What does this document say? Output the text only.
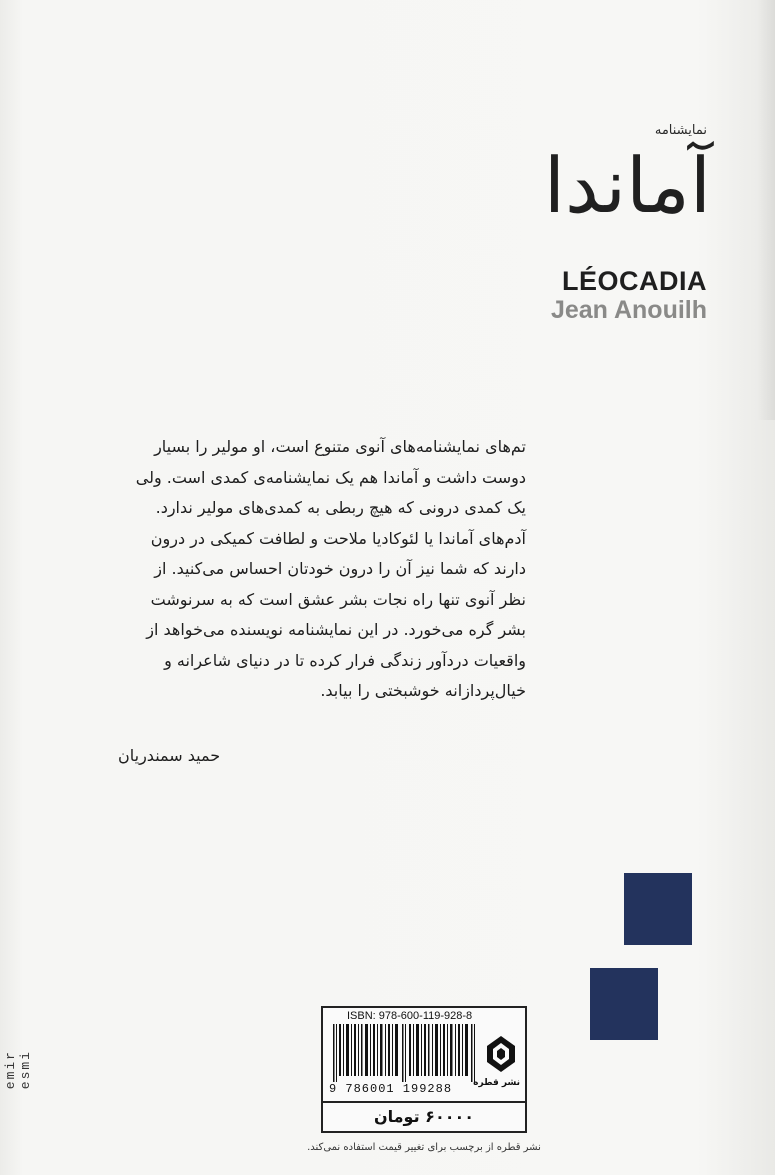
نمایشنامه
آماندا
LÉOCADIA
Jean Anouilh

تم‌های نمایشنامه‌های آنوی متنوع است، او مولیر را بسیار

دوست داشت و آماندا هم یک نمایشنامه‌ی کمدی است. ولی

یک کمدی درونی که هیچ ربطی به کمدی‌های مولیر ندارد.

آدم‌های آماندا یا لئوکادیا ملاحت و لطافت کمیکی در درون

دارند که شما نیز آن را درون خودتان احساس می‌کنید. از

نظر آنوی تنها راه نجات بشر عشق است که به سرنوشت

بشر گره می‌خورد. در این نمایشنامه نویسنده می‌خواهد از

واقعیات دردآور زندگی فرار کرده تا در دنیای شاعرانه و

خیال‌پردازانه خوشبختی را بیابد.

حمید سمندریان
ISBN: 978-600-119-928-8
9 786001 199288 نشر قطره
۶۰۰۰۰ تومان
نشر قطره از برچسب برای تغییر قیمت استفاده نمی‌کند.
emir esmi
